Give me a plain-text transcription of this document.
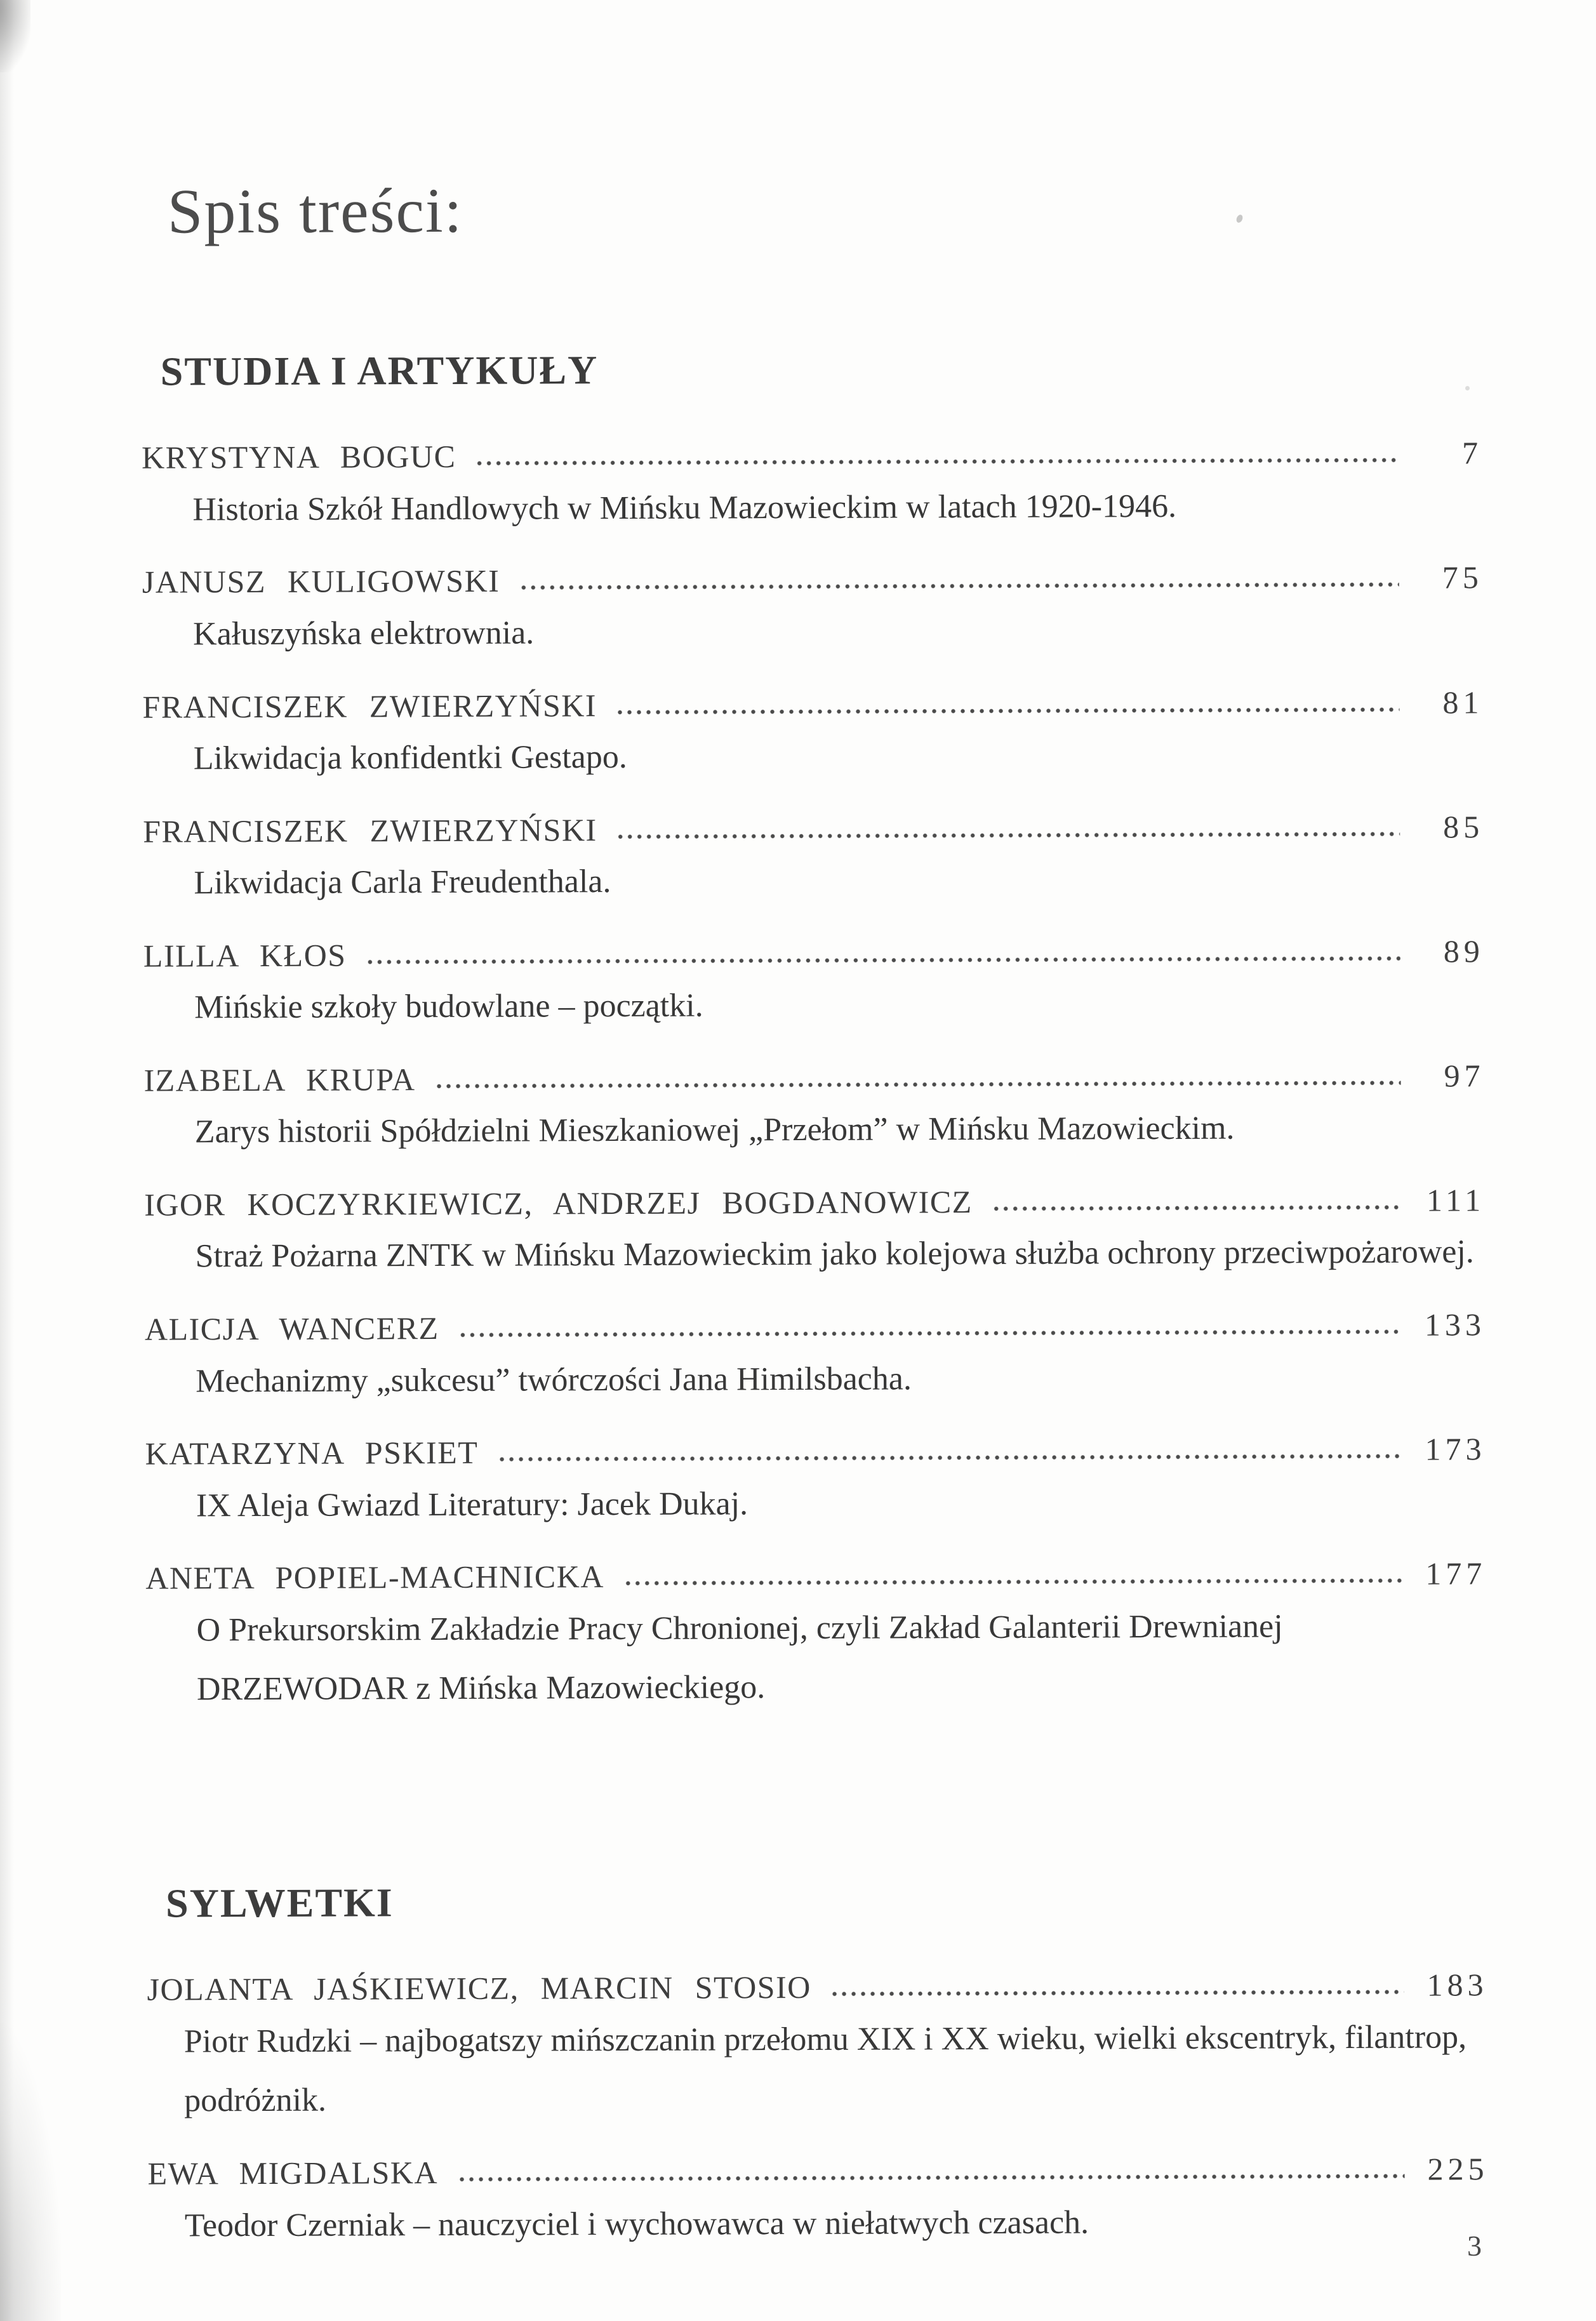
Spis treści:
STUDIA I ARTYKUŁY
KRYSTYNA BOGUC	7
Historia Szkół Handlowych w Mińsku Mazowieckim w latach 1920-1946.
JANUSZ KULIGOWSKI	75
Kałuszyńska elektrownia.
FRANCISZEK ZWIERZYŃSKI	81
Likwidacja konfidentki Gestapo.
FRANCISZEK ZWIERZYŃSKI	85
Likwidacja Carla Freudenthala.
LILLA KŁOS	89
Mińskie szkoły budowlane – początki.
IZABELA KRUPA	97
Zarys historii Spółdzielni Mieszkaniowej „Przełom” w Mińsku Mazowieckim.
IGOR KOCZYRKIEWICZ, ANDRZEJ BOGDANOWICZ	111
Straż Pożarna ZNTK w Mińsku Mazowieckim jako kolejowa służba ochrony przeciwpożarowej.
ALICJA WANCERZ	133
Mechanizmy „sukcesu” twórczości Jana Himilsbacha.
KATARZYNA PSKIET	173
IX Aleja Gwiazd Literatury: Jacek Dukaj.
ANETA POPIEL-MACHNICKA	177
O Prekursorskim Zakładzie Pracy Chronionej, czyli Zakład Galanterii Drewnianej
DRZEWODAR z Mińska Mazowieckiego.
SYLWETKI
JOLANTA JAŚKIEWICZ, MARCIN STOSIO	183
Piotr Rudzki – najbogatszy mińszczanin przełomu XIX i XX wieku, wielki ekscentryk, filantrop,
podróżnik.
EWA MIGDALSKA	225
Teodor Czerniak – nauczyciel i wychowawca w niełatwych czasach.
3
